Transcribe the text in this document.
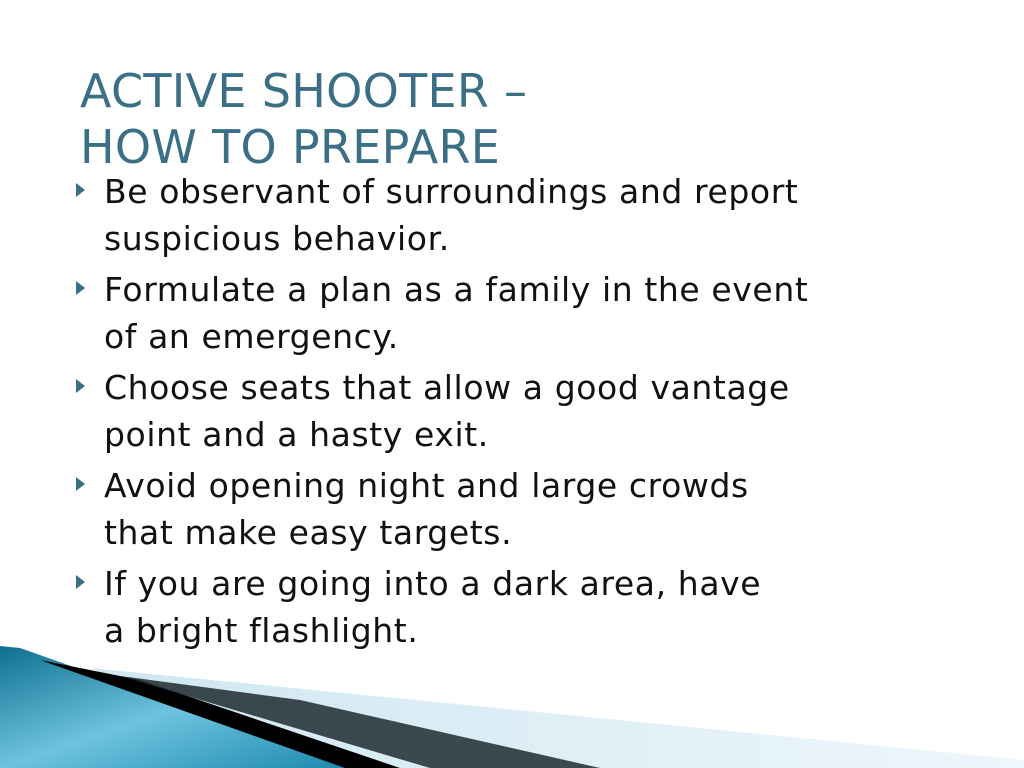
ACTIVE SHOOTER –
HOW TO PREPARE
Be observant of surroundings and report
suspicious behavior.
Formulate a plan as a family in the event
of an emergency.
Choose seats that allow a good vantage
point and a hasty exit.
Avoid opening night and large crowds
that make easy targets.
If you are going into a dark area, have
a bright flashlight.
